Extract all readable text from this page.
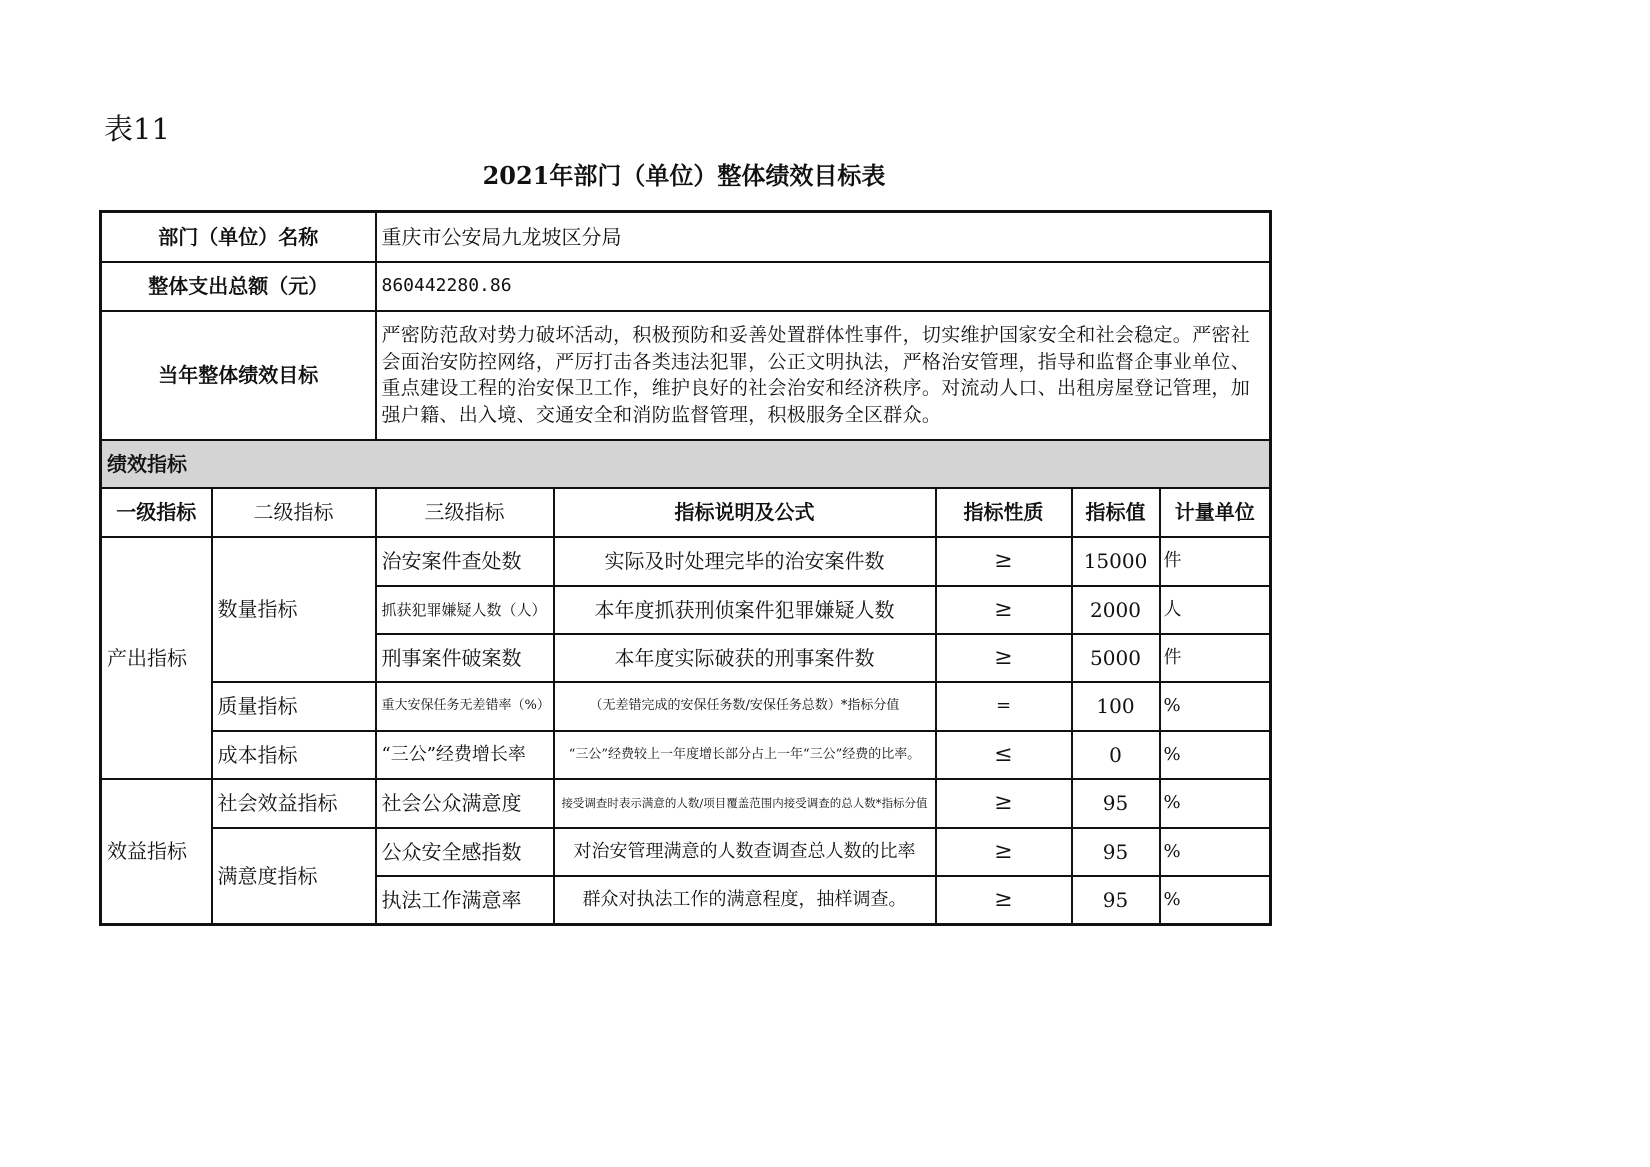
表11
2021年部门（单位）整体绩效目标表
部门（单位）名称		重庆市公安局九龙坡区分局				
整体支出总额（元）		860442280.86				
当年整体绩效目标		严密防范敌对势力破坏活动，积极预防和妥善处置群体性事件，切实维护国家安全和社会稳定。严密社会面治安防控网络，严厉打击各类违法犯罪，公正文明执法，严格治安管理，指导和监督企事业单位、重点建设工程的治安保卫工作，维护良好的社会治安和经济秩序。对流动人口、出租房屋登记管理，加强户籍、出入境、交通安全和消防监督管理，积极服务全区群众。				
绩效指标						
一级指标	二级指标	三级指标	指标说明及公式	指标性质	指标值	计量单位
产出指标	数量指标	治安案件查处数	实际及时处理完毕的治安案件数	≥	15000	件
		抓获犯罪嫌疑人数（人）	本年度抓获刑侦案件犯罪嫌疑人数	≥	2000	人
		刑事案件破案数	本年度实际破获的刑事案件数	≥	5000	件
	质量指标	重大安保任务无差错率（%）	（无差错完成的安保任务数/安保任务总数）*指标分值	=	100	%
	成本指标	“三公”经费增长率	“三公”经费较上一年度增长部分占上一年“三公”经费的比率。	≤	0	%
效益指标	社会效益指标	社会公众满意度	接受调查时表示满意的人数/项目覆盖范围内接受调查的总人数*指标分值	≥	95	%
	满意度指标	公众安全感指数	对治安管理满意的人数查调查总人数的比率	≥	95	%
		执法工作满意率	群众对执法工作的满意程度，抽样调查。	≥	95	%
